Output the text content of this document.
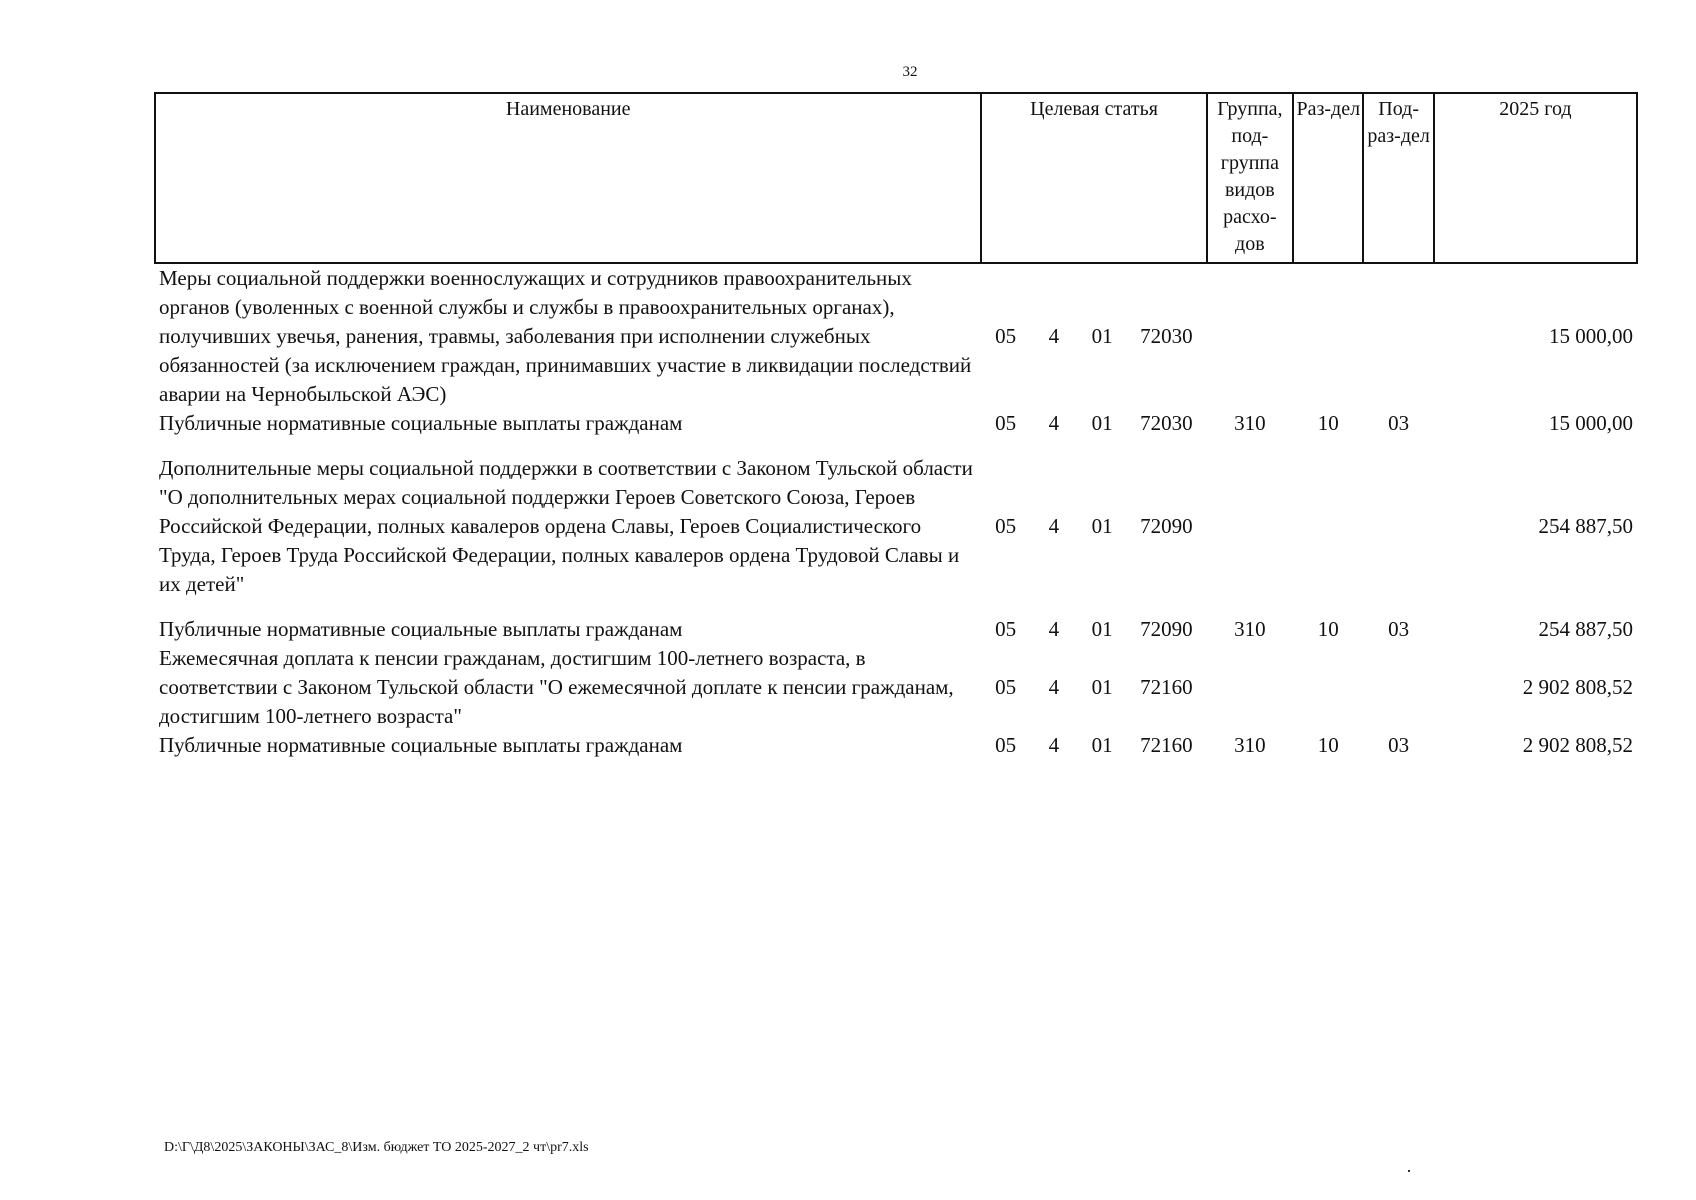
32
Наименование	Целевая статья				Группа, под-группа видов расхо-дов	Раз-дел	Под-раз-дел	2025 год
Меры социальной поддержки военнослужащих и сотрудников правоохранительных органов (уволенных с военной службы и службы в правоохранительных органах), получивших увечья, ранения, травмы, заболевания при исполнении служебных обязанностей (за исключением граждан, принимавших участие в ликвидации последствий аварии на Чернобыльской АЭС)	05	4	01	72030				15 000,00
Публичные нормативные социальные выплаты гражданам	05	4	01	72030	310	10	03	15 000,00
Дополнительные меры социальной поддержки в соответствии с Законом Тульской области "О дополнительных мерах социальной поддержки Героев Советского Союза, Героев Российской Федерации, полных кавалеров ордена Славы, Героев Социалистического Труда, Героев Труда Российской Федерации, полных кавалеров ордена Трудовой Славы и их детей"	05	4	01	72090				254 887,50
Публичные нормативные социальные выплаты гражданам	05	4	01	72090	310	10	03	254 887,50
Ежемесячная доплата к пенсии гражданам, достигшим 100-летнего возраста, в соответствии с Законом Тульской области "О ежемесячной доплате к пенсии гражданам, достигшим 100-летнего возраста"	05	4	01	72160				2 902 808,52
Публичные нормативные социальные выплаты гражданам	05	4	01	72160	310	10	03	2 902 808,52
D:\Г\Д8\2025\ЗАКОНЫ\ЗАС_8\Изм. бюджет ТО 2025-2027_2 чт\pr7.xls
